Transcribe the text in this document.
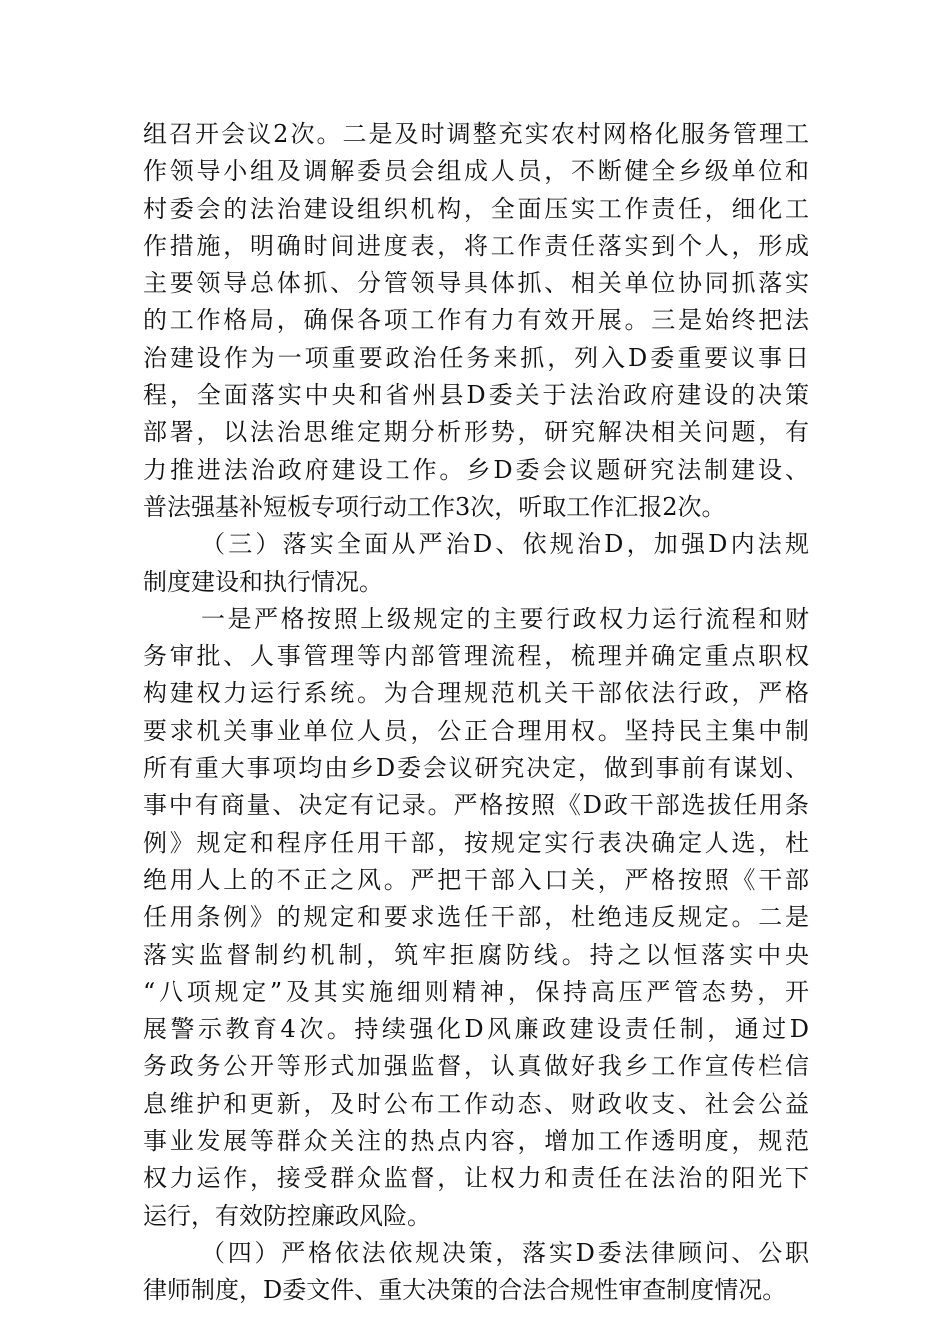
组召开会议2次。二是及时调整充实农村网格化服务管理工
作领导小组及调解委员会组成人员，不断健全乡级单位和
村委会的法治建设组织机构，全面压实工作责任，细化工
作措施，明确时间进度表，将工作责任落实到个人，形成
主要领导总体抓、分管领导具体抓、相关单位协同抓落实
的工作格局，确保各项工作有力有效开展。三是始终把法
治建设作为一项重要政治任务来抓，列入D委重要议事日
程，全面落实中央和省州县D委关于法治政府建设的决策
部署，以法治思维定期分析形势，研究解决相关问题，有
力推进法治政府建设工作。乡D委会议题研究法制建设、
普法强基补短板专项行动工作3次，听取工作汇报2次。
（三）落实全面从严治D、依规治D，加强D内法规
制度建设和执行情况。
一是严格按照上级规定的主要行政权力运行流程和财
务审批、人事管理等内部管理流程，梳理并确定重点职权
构建权力运行系统。为合理规范机关干部依法行政，严格
要求机关事业单位人员，公正合理用权。坚持民主集中制
所有重大事项均由乡D委会议研究决定，做到事前有谋划、
事中有商量、决定有记录。严格按照《D政干部选拔任用条
例》规定和程序任用干部，按规定实行表决确定人选，杜
绝用人上的不正之风。严把干部入口关，严格按照《干部
任用条例》的规定和要求选任干部，杜绝违反规定。二是
落实监督制约机制，筑牢拒腐防线。持之以恒落实中央
“八项规定”及其实施细则精神，保持高压严管态势，开
展警示教育4次。持续强化D风廉政建设责任制，通过D
务政务公开等形式加强监督，认真做好我乡工作宣传栏信
息维护和更新，及时公布工作动态、财政收支、社会公益
事业发展等群众关注的热点内容，增加工作透明度，规范
权力运作，接受群众监督，让权力和责任在法治的阳光下
运行，有效防控廉政风险。
（四）严格依法依规决策，落实D委法律顾问、公职
律师制度，D委文件、重大决策的合法合规性审查制度情况。
